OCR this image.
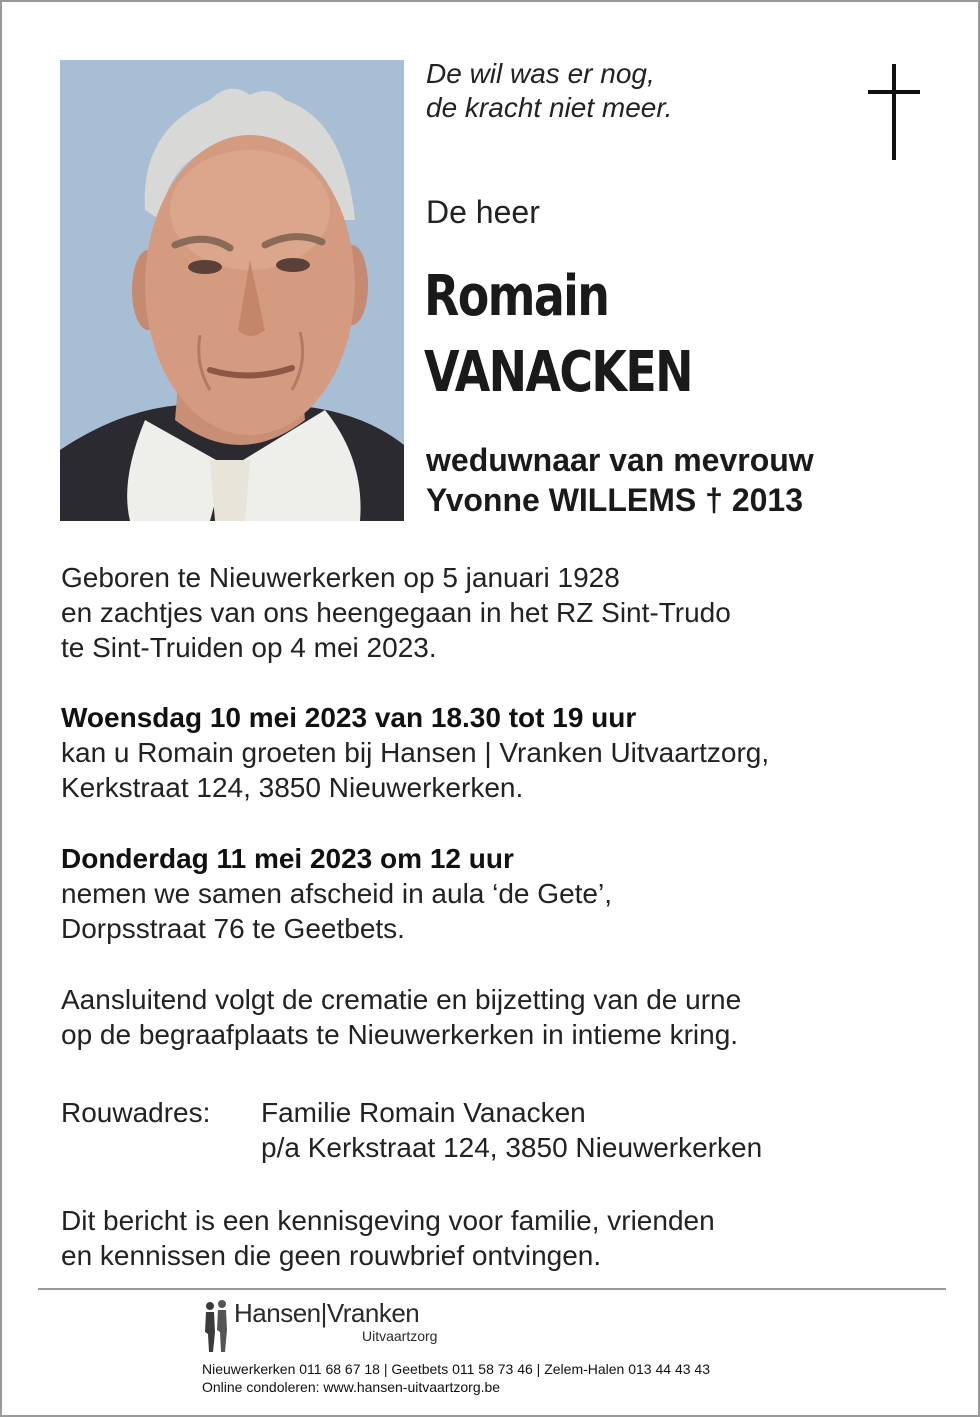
De wil was er nog,
de kracht niet meer.
De heer
Romain
VANACKEN
weduwnaar van mevrouw
Yvonne WILLEMS † 2013
Geboren te Nieuwerkerken op 5 januari 1928
en zachtjes van ons heengegaan in het RZ Sint-Trudo
te Sint-Truiden op 4 mei 2023.
Woensdag 10 mei 2023 van 18.30 tot 19 uur
kan u Romain groeten bij Hansen | Vranken Uitvaartzorg,
Kerkstraat 124, 3850 Nieuwerkerken.
Donderdag 11 mei 2023 om 12 uur
nemen we samen afscheid in aula ‘de Gete’,
Dorpsstraat 76 te Geetbets.
Aansluitend volgt de crematie en bijzetting van de urne
op de begraafplaats te Nieuwerkerken in intieme kring.
Rouwadres: Familie Romain Vanacken
p/a Kerkstraat 124, 3850 Nieuwerkerken
Dit bericht is een kennisgeving voor familie, vrienden
en kennissen die geen rouwbrief ontvingen.
Hansen|Vranken
Uitvaartzorg
Nieuwerkerken 011 68 67 18 | Geetbets 011 58 73 46 | Zelem-Halen 013 44 43 43
Online condoleren: www.hansen-uitvaartzorg.be
